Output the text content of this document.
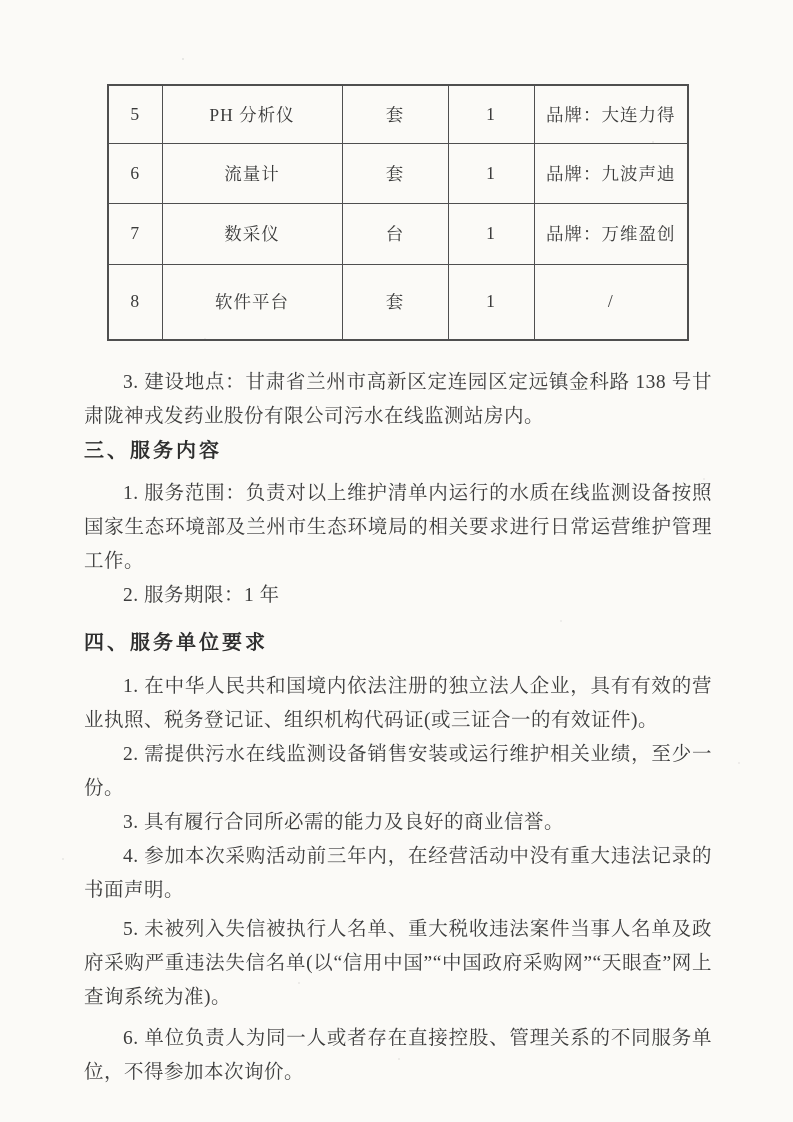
5	PH 分析仪	套	1	品牌：大连力得
6	流量计	套	1	品牌：九波声迪
7	数采仪	台	1	品牌：万维盈创
8	软件平台	套	1	/

3. 建设地点：甘肃省兰州市高新区定连园区定远镇金科路 138 号甘肃陇神戎发药业股份有限公司污水在线监测站房内。

三、服务内容

1. 服务范围：负责对以上维护清单内运行的水质在线监测设备按照国家生态环境部及兰州市生态环境局的相关要求进行日常运营维护管理工作。

2. 服务期限：1 年

四、服务单位要求

1. 在中华人民共和国境内依法注册的独立法人企业，具有有效的营业执照、税务登记证、组织机构代码证(或三证合一的有效证件)。

2. 需提供污水在线监测设备销售安装或运行维护相关业绩，至少一份。

3. 具有履行合同所必需的能力及良好的商业信誉。

4. 参加本次采购活动前三年内，在经营活动中没有重大违法记录的书面声明。

5. 未被列入失信被执行人名单、重大税收违法案件当事人名单及政府采购严重违法失信名单(以“信用中国”“中国政府采购网”“天眼查”网上查询系统为准)。

6. 单位负责人为同一人或者存在直接控股、管理关系的不同服务单位，不得参加本次询价。
